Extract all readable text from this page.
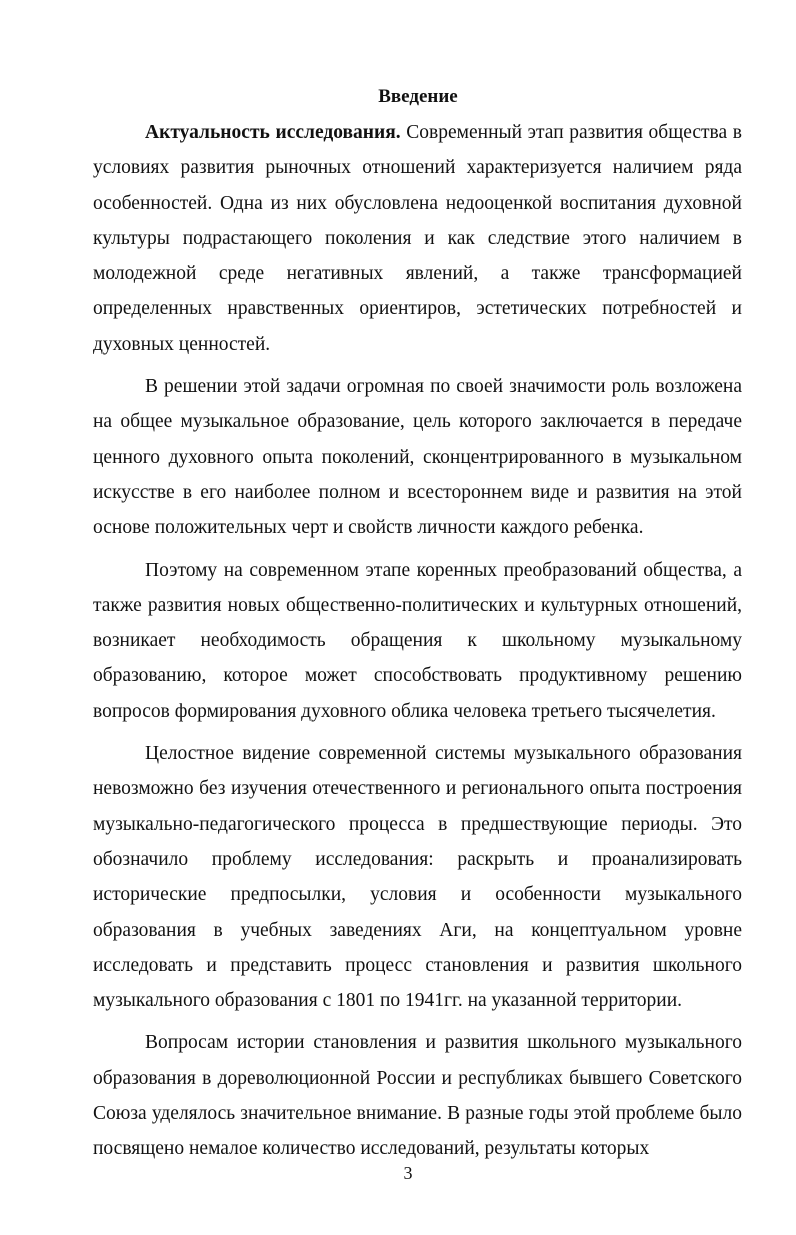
Введение

Актуальность исследования. Современный этап развития общества в условиях развития рыночных отношений характеризуется наличием ряда особенностей. Одна из них обусловлена недооценкой воспитания духовной культуры подрастающего поколения и как следствие этого наличием в молодежной среде негативных явлений, а также трансформацией определенных нравственных ориентиров, эстетических потребностей и духовных ценностей.

В решении этой задачи огромная по своей значимости роль возложена на общее музыкальное образование, цель которого заключается в передаче ценного духовного опыта поколений, сконцентрированного в музыкальном искусстве в его наиболее полном и всестороннем виде и развития на этой основе положительных черт и свойств личности каждого ребенка.

Поэтому на современном этапе коренных преобразований общества, а также развития новых общественно-политических и культурных отношений, возникает необходимость обращения к школьному музыкальному образованию, которое может способствовать продуктивному решению вопросов формирования духовного облика человека третьего тысячелетия.

Целостное видение современной системы музыкального образования невозможно без изучения отечественного и регионального опыта построения музыкально-педагогического процесса в предшествующие периоды. Это обозначило проблему исследования: раскрыть и проанализировать исторические предпосылки, условия и особенности музыкального образования в учебных заведениях Аги, на концептуальном уровне исследовать и представить процесс становления и развития школьного музыкального образования с 1801 по 1941гг. на указанной территории.

Вопросам истории становления и развития школьного музыкального образования в дореволюционной России и республиках бывшего Советского Союза уделялось значительное внимание. В разные годы этой проблеме было посвящено немалое количество исследований, результаты которых

3
